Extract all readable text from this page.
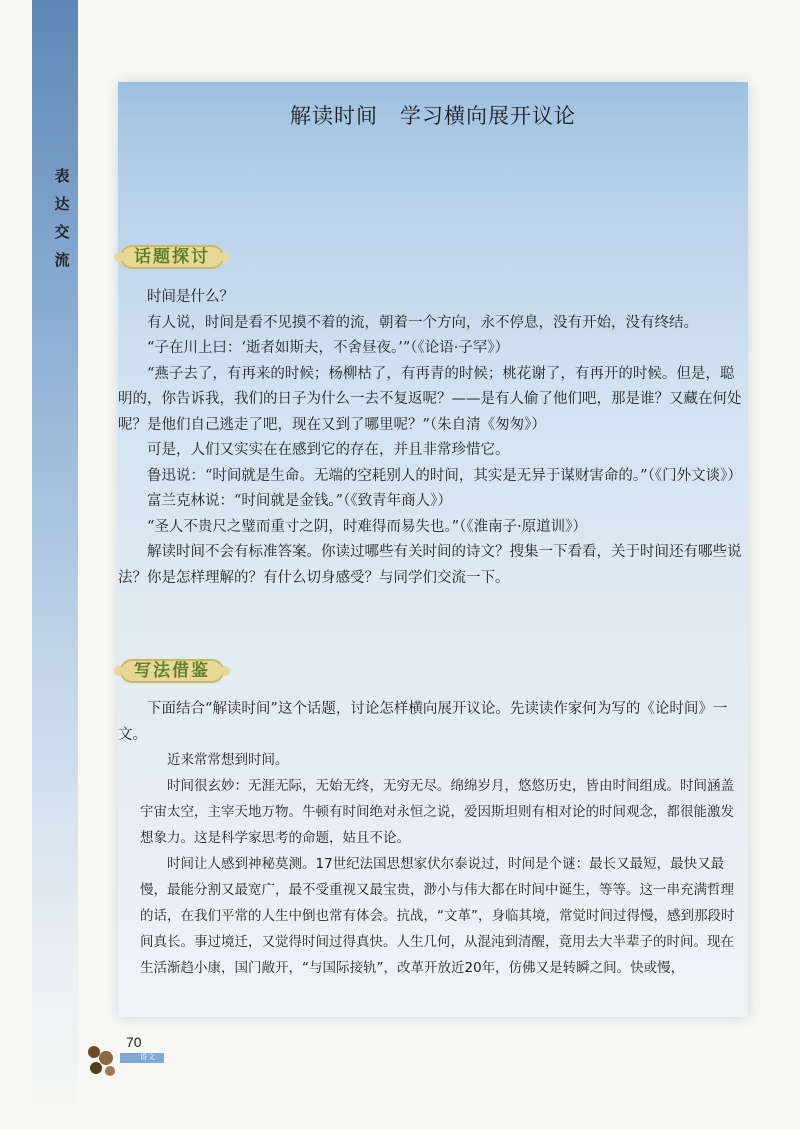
表
达
交
流
解读时间 学习横向展开议论
话题探讨

时间是什么？

有人说，时间是看不见摸不着的流，朝着一个方向，永不停息，没有开始，没有终结。

“子在川上曰：‘逝者如斯夫，不舍昼夜。’”（《论语·子罕》）

“燕子去了，有再来的时候；杨柳枯了，有再青的时候；桃花谢了，有再开的时候。但是，聪明的，你告诉我，我们的日子为什么一去不复返呢？——是有人偷了他们吧，那是谁？又藏在何处呢？是他们自己逃走了吧，现在又到了哪里呢？”（朱自清《匆匆》）

可是，人们又实实在在感到它的存在，并且非常珍惜它。

鲁迅说：“时间就是生命。无端的空耗别人的时间，其实是无异于谋财害命的。”（《门外文谈》）

富兰克林说：“时间就是金钱。”（《致青年商人》）

“圣人不贵尺之璧而重寸之阴，时难得而易失也。”（《淮南子·原道训》）

解读时间不会有标准答案。你读过哪些有关时间的诗文？搜集一下看看，关于时间还有哪些说法？你是怎样理解的？有什么切身感受？与同学们交流一下。

写法借鉴

下面结合“解读时间”这个话题，讨论怎样横向展开议论。先读读作家何为写的《论时间》一文。

近来常常想到时间。

时间很玄妙：无涯无际，无始无终，无穷无尽。绵绵岁月，悠悠历史，皆由时间组成。时间涵盖宇宙太空，主宰天地万物。牛顿有时间绝对永恒之说，爱因斯坦则有相对论的时间观念，都很能激发想象力。这是科学家思考的命题，姑且不论。

时间让人感到神秘莫测。17世纪法国思想家伏尔泰说过，时间是个谜：最长又最短，最快又最慢，最能分割又最宽广，最不受重视又最宝贵，渺小与伟大都在时间中诞生，等等。这一串充满哲理的话，在我们平常的人生中倒也常有体会。抗战，“文革”，身临其境，常觉时间过得慢，感到那段时间真长。事过境迁，又觉得时间过得真快。人生几何，从混沌到清醒，竟用去大半辈子的时间。现在生活渐趋小康，国门敞开，“与国际接轨”，改革开放近20年，仿佛又是转瞬之间。快或慢，

70
语文
